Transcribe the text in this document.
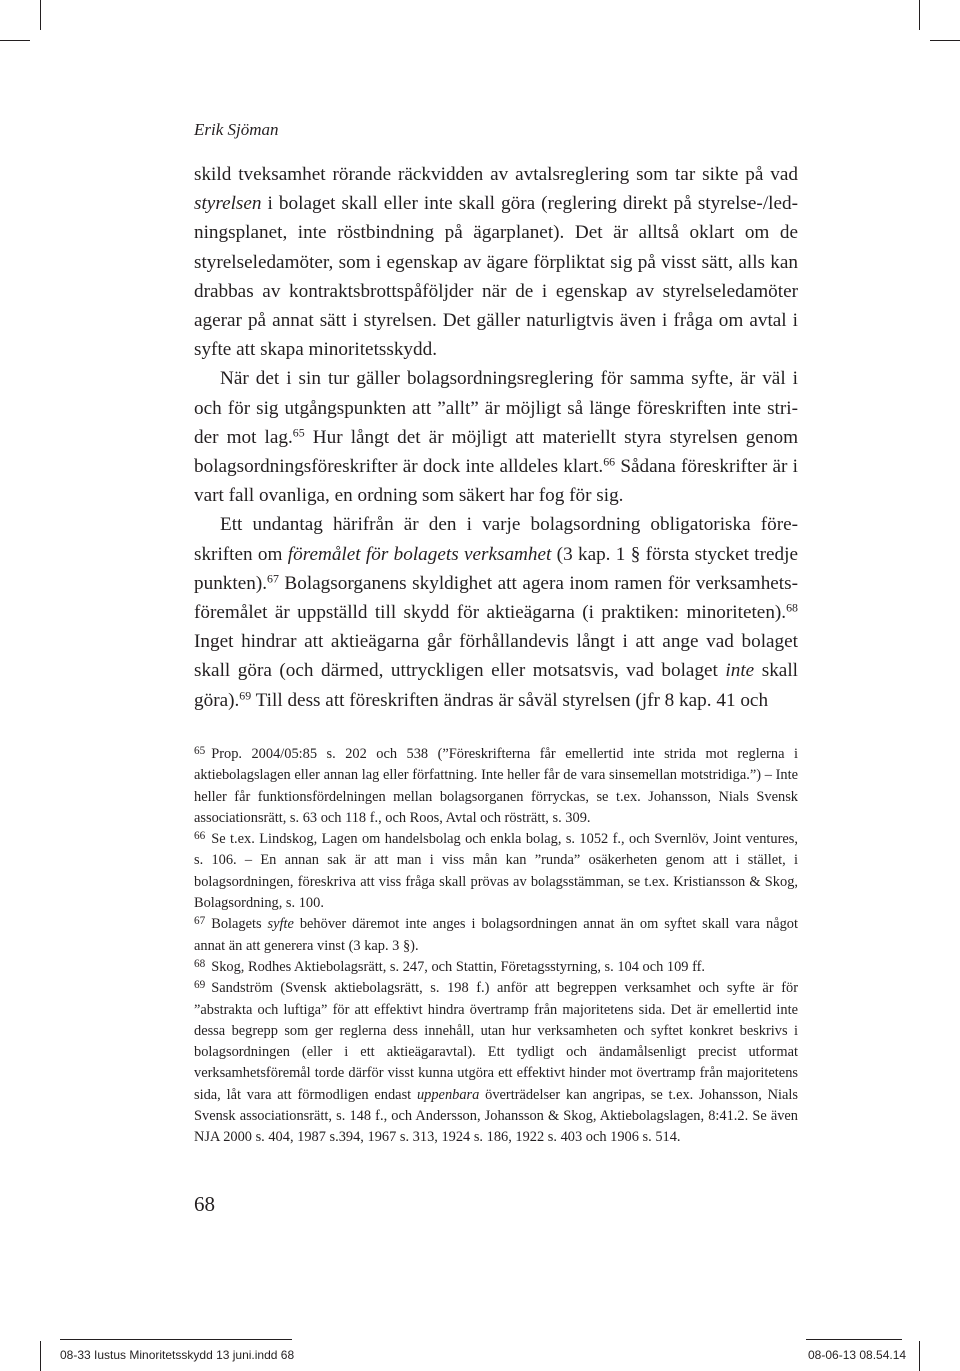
Erik Sjöman

skild tveksamhet rörande räckvidden av avtalsreglering som tar sikte på vad styrelsen i bolaget skall eller inte skall göra (reglering direkt på styrelse-/ledningsplanet, inte röstbindning på ägarplanet). Det är alltså oklart om de styrelseledamöter, som i egenskap av ägare förpliktat sig på visst sätt, alls kan drabbas av kontraktsbrottspåföljder när de i egenskap av styrelseledamöter agerar på annat sätt i styrelsen. Det gäller naturligtvis även i fråga om avtal i syfte att skapa minoritetsskydd.

När det i sin tur gäller bolagsordningsreglering för samma syfte, är väl i och för sig utgångspunkten att ”allt” är möjligt så länge föreskriften inte strider mot lag.$^{65}$ Hur långt det är möjligt att materiellt styra styrelsen genom bolagsordningsföreskrifter är dock inte alldeles klart.$^{66}$ Sådana föreskrifter är i vart fall ovanliga, en ordning som säkert har fog för sig.

Ett undantag härifrån är den i varje bolagsordning obligatoriska föreskriften om föremålet för bolagets verksamhet (3 kap. 1 § första stycket tredje punkten).$^{67}$ Bolagsorganens skyldighet att agera inom ramen för verksamhetsföremålet är uppställd till skydd för aktieägarna (i praktiken: minoriteten).$^{68}$ Inget hindrar att aktieägarna går förhållandevis långt i att ange vad bolaget skall göra (och därmed, uttryckligen eller motsatsvis, vad bolaget inte skall göra).$^{69}$ Till dess att föreskriften ändras är såväl styrelsen (jfr 8 kap. 41 och

$^{65}$ Prop. 2004/05:85 s. 202 och 538 (”Föreskrifterna får emellertid inte strida mot reglerna i aktiebolagslagen eller annan lag eller författning. Inte heller får de vara sinsemellan motstridiga.”) – Inte heller får funktionsfördelningen mellan bolagsorganen förryckas, se t.ex. Johansson, Nials Svensk associationsrätt, s. 63 och 118 f., och Roos, Avtal och rösträtt, s. 309.

$^{66}$ Se t.ex. Lindskog, Lagen om handelsbolag och enkla bolag, s. 1052 f., och Svernlöv, Joint ventures, s. 106. – En annan sak är att man i viss mån kan ”runda” osäkerheten genom att i stället, i bolagsordningen, föreskriva att viss fråga skall prövas av bolagsstämman, se t.ex. Kristiansson & Skog, Bolagsordning, s. 100.

$^{67}$ Bolagets syfte behöver däremot inte anges i bolagsordningen annat än om syftet skall vara något annat än att generera vinst (3 kap. 3 §).

$^{68}$ Skog, Rodhes Aktiebolagsrätt, s. 247, och Stattin, Företagsstyrning, s. 104 och 109 ff.

$^{69}$ Sandström (Svensk aktiebolagsrätt, s. 198 f.) anför att begreppen verksamhet och syfte är för ”abstrakta och luftiga” för att effektivt hindra övertramp från majoritetens sida. Det är emellertid inte dessa begrepp som ger reglerna dess innehåll, utan hur verksamheten och syftet konkret beskrivs i bolagsordningen (eller i ett aktieägaravtal). Ett tydligt och ändamålsenligt precist utformat verksamhetsföremål torde därför visst kunna utgöra ett effektivt hinder mot övertramp från majoritetens sida, låt vara att förmodligen endast uppenbara överträdelser kan angripas, se t.ex. Johansson, Nials Svensk associationsrätt, s. 148 f., och Andersson, Johansson & Skog, Aktiebolagslagen, 8:41.2. Se även NJA 2000 s. 404, 1987 s.394, 1967 s. 313, 1924 s. 186, 1922 s. 403 och 1906 s. 514.

68
08-33 Iustus Minoritetsskydd 13 juni.indd 68	08-06-13 08.54.14
